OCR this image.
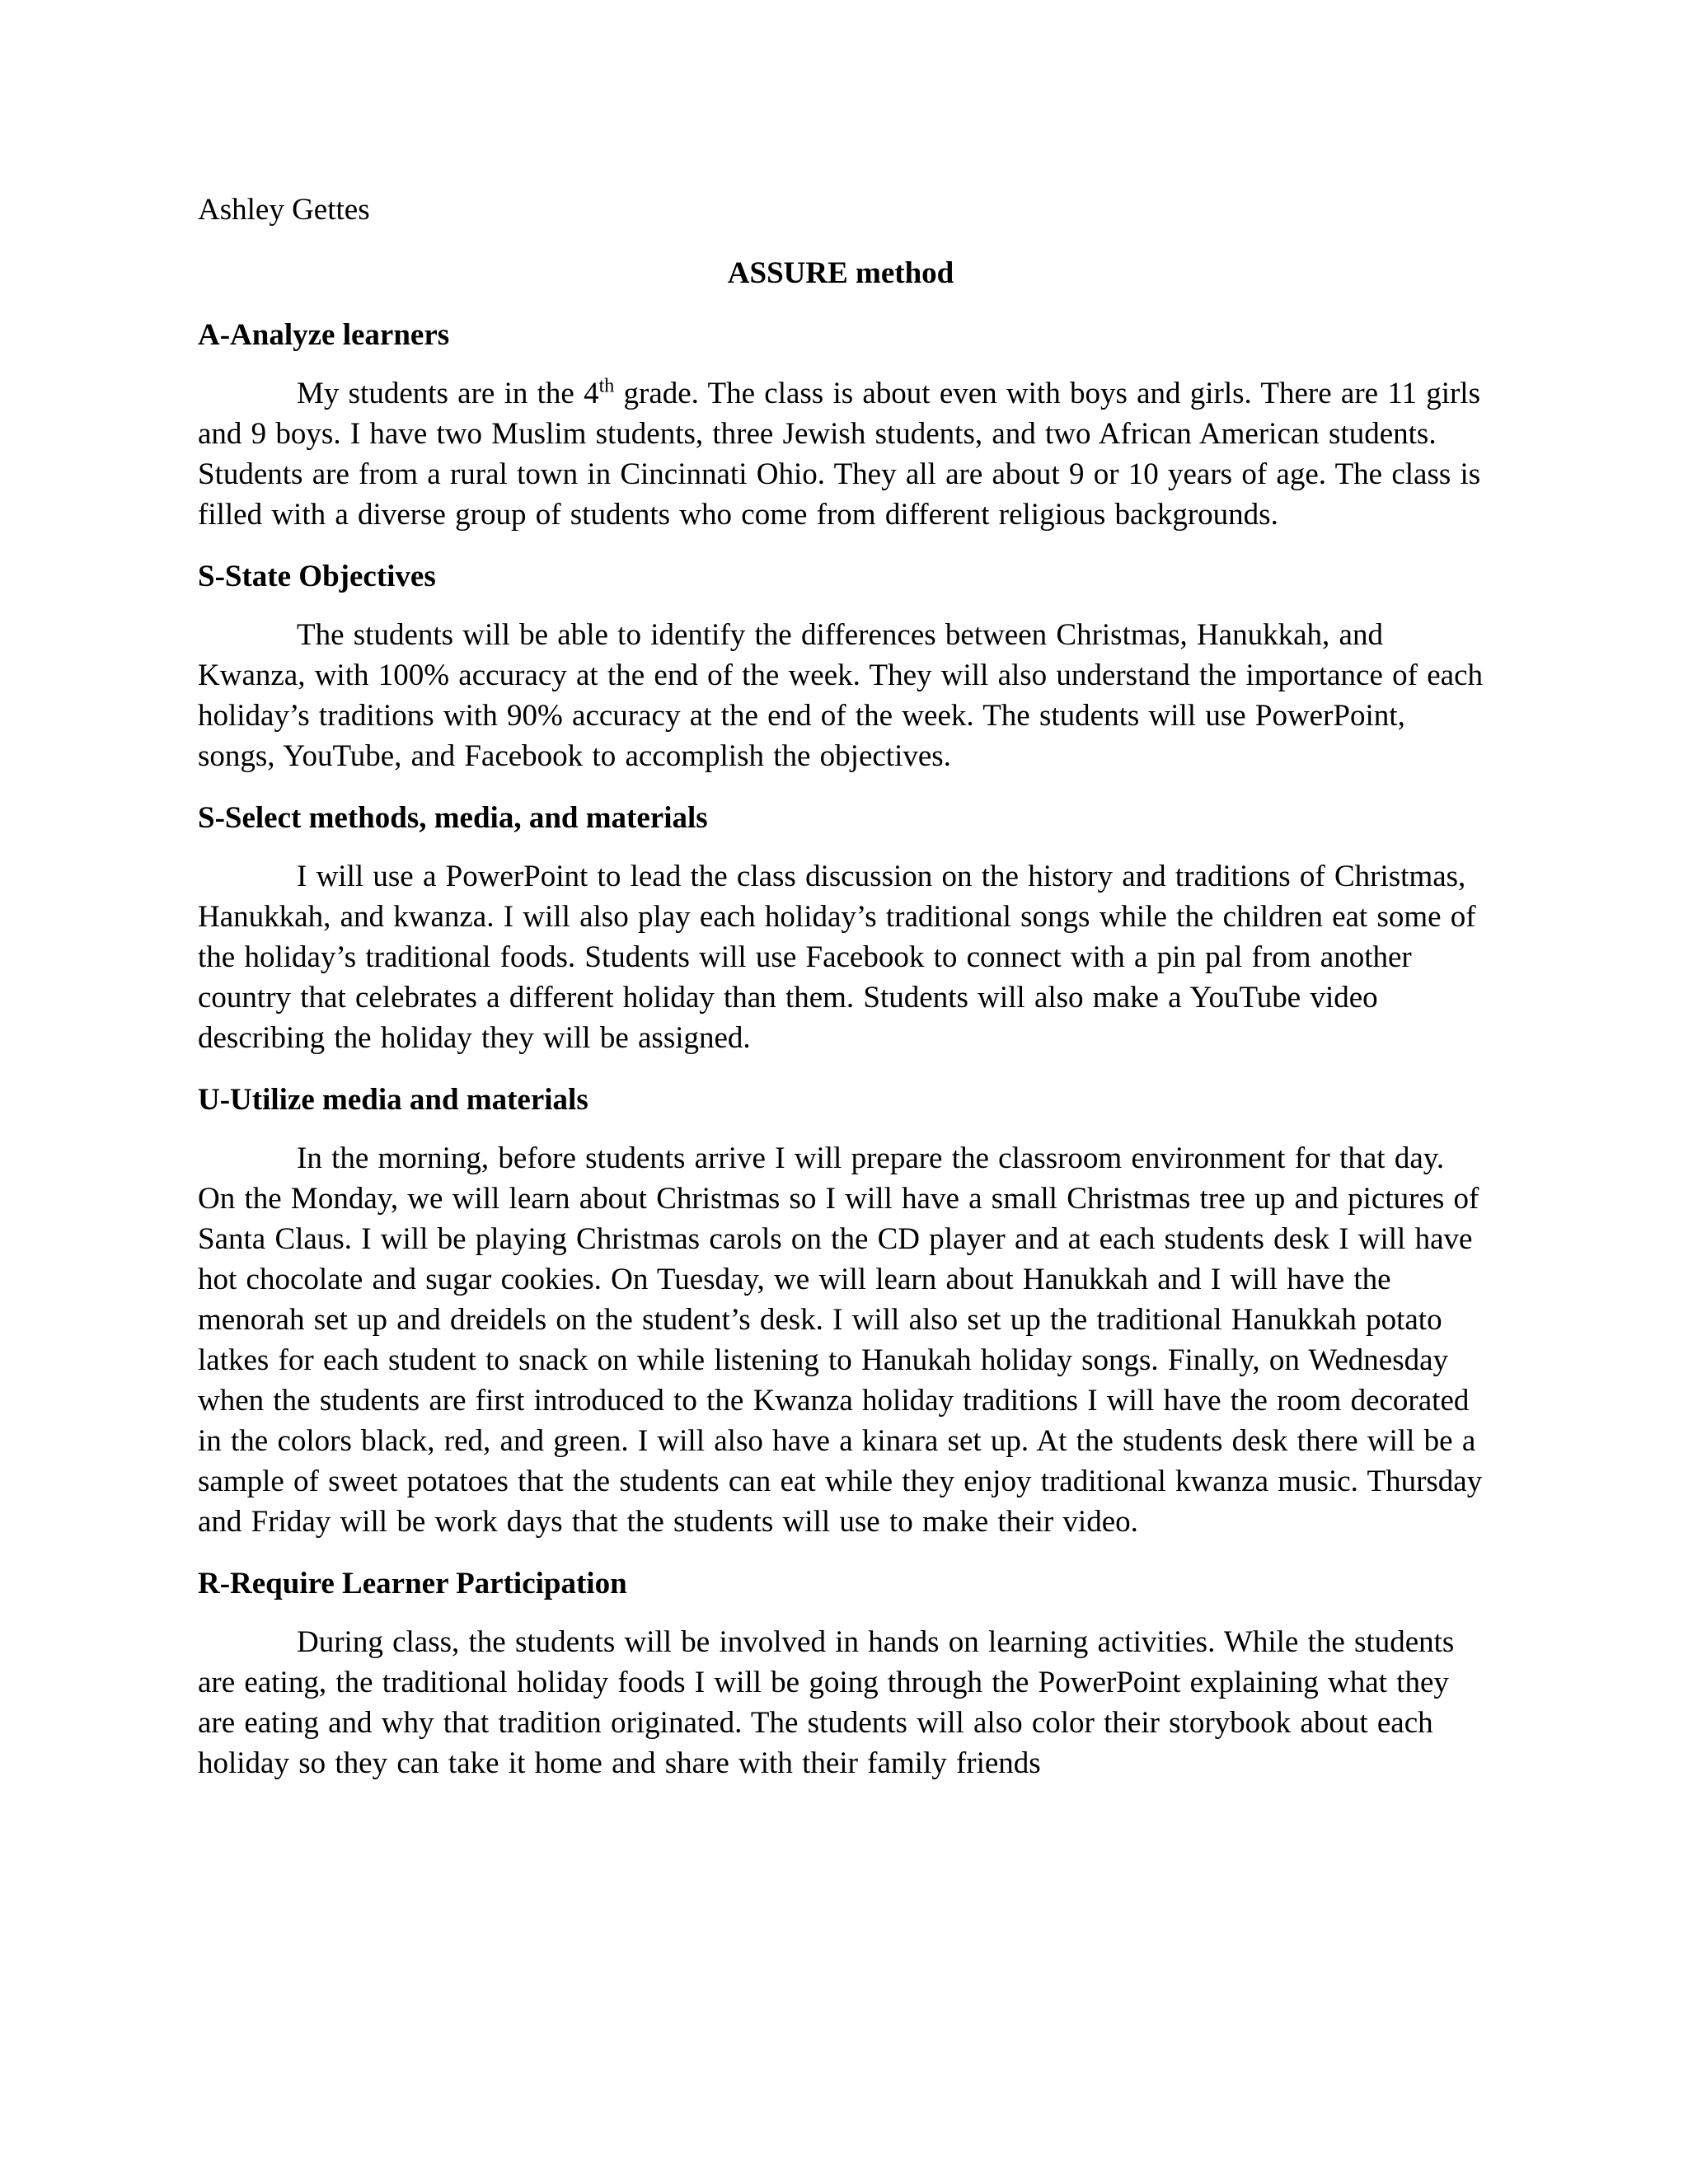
Ashley Gettes
ASSURE method
A-Analyze learners

My students are in the 4th grade. The class is about even with boys and girls. There are 11 girls and 9 boys. I have two Muslim students, three Jewish students, and two African American students. Students are from a rural town in Cincinnati Ohio. They all are about 9 or 10 years of age. The class is filled with a diverse group of students who come from different religious backgrounds.

S-State Objectives

The students will be able to identify the differences between Christmas, Hanukkah, and Kwanza, with 100% accuracy at the end of the week. They will also understand the importance of each holiday’s traditions with 90% accuracy at the end of the week. The students will use PowerPoint, songs, YouTube, and Facebook to accomplish the objectives.

S-Select methods, media, and materials

I will use a PowerPoint to lead the class discussion on the history and traditions of Christmas, Hanukkah, and kwanza. I will also play each holiday’s traditional songs while the children eat some of the holiday’s traditional foods. Students will use Facebook to connect with a pin pal from another country that celebrates a different holiday than them. Students will also make a YouTube video describing the holiday they will be assigned.

U-Utilize media and materials

In the morning, before students arrive I will prepare the classroom environment for that day. On the Monday, we will learn about Christmas so I will have a small Christmas tree up and pictures of Santa Claus. I will be playing Christmas carols on the CD player and at each students desk I will have hot chocolate and sugar cookies. On Tuesday, we will learn about Hanukkah and I will have the menorah set up and dreidels on the student’s desk. I will also set up the traditional Hanukkah potato latkes for each student to snack on while listening to Hanukah holiday songs. Finally, on Wednesday when the students are first introduced to the Kwanza holiday traditions I will have the room decorated in the colors black, red, and green. I will also have a kinara set up. At the students desk there will be a sample of sweet potatoes that the students can eat while they enjoy traditional kwanza music. Thursday and Friday will be work days that the students will use to make their video.

R-Require Learner Participation

During class, the students will be involved in hands on learning activities. While the students are eating, the traditional holiday foods I will be going through the PowerPoint explaining what they are eating and why that tradition originated. The students will also color their storybook about each holiday so they can take it home and share with their family friends
